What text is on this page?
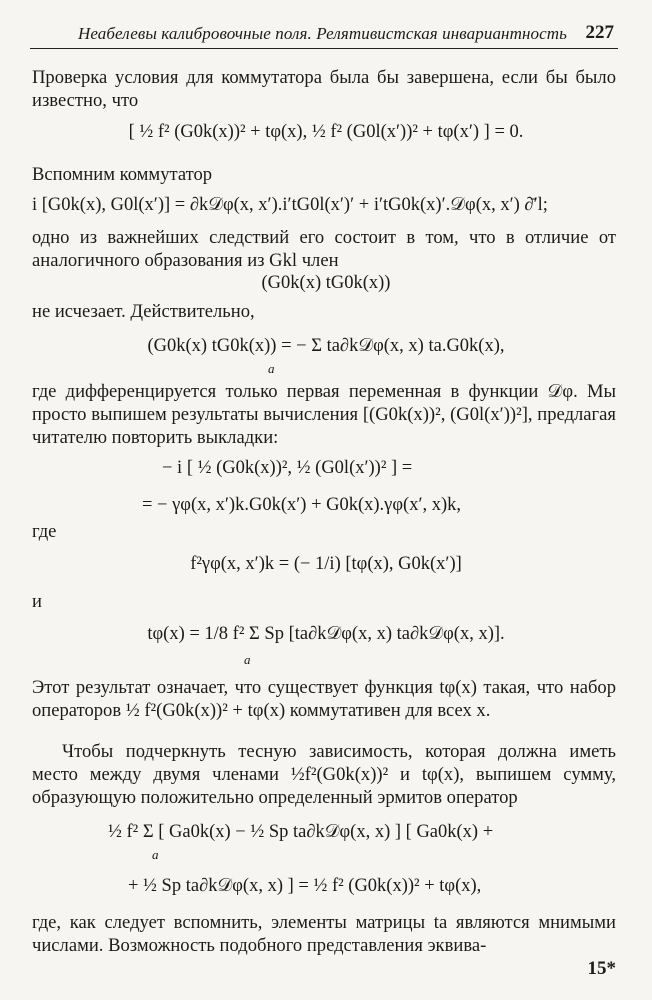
Неабелевы калибровочные поля. Релятивистская инвариантность 227
Проверка условия для коммутатора была бы завершена, если бы было известно, что
[ ½ f² (G0k(x))² + tφ(x), ½ f² (G0l(x′))² + tφ(x′) ] = 0.
Вспомним коммутатор
i [G0k(x), G0l(x′)] = ∂k𝒟φ(x, x′).i′tG0l(x′)′ + i′tG0k(x)′.𝒟φ(x, x′) ∂̄′l;
одно из важнейших следствий его состоит в том, что в отличие от аналогичного образования из Gkl член
(G0k(x) tG0k(x))
не исчезает. Действительно,
(G0k(x) tG0k(x)) = − Σ ta∂k𝒟φ(x, x) ta.G0k(x),
a
где дифференцируется только первая переменная в функции 𝒟φ. Мы просто выпишем результаты вычисления [(G0k(x))², (G0l(x′))²], предлагая читателю повторить выкладки:
− i [ ½ (G0k(x))², ½ (G0l(x′))² ] =
= − γφ(x, x′)k.G0k(x′) + G0k(x).γφ(x′, x)k,
где
f²γφ(x, x′)k = (− 1/i) [tφ(x), G0k(x′)]
и
tφ(x) = 1/8 f² Σ Sp [ta∂k𝒟φ(x, x) ta∂k𝒟φ(x, x)].
a
Этот результат означает, что существует функция tφ(x) такая, что набор операторов ½ f²(G0k(x))² + tφ(x) коммутативен для всех x.
Чтобы подчеркнуть тесную зависимость, которая должна иметь место между двумя членами ½f²(G0k(x))² и tφ(x), выпишем сумму, образующую положительно определенный эрмитов оператор
½ f² Σ [ Ga0k(x) − ½ Sp ta∂k𝒟φ(x, x) ] [ Ga0k(x) +
a
+ ½ Sp ta∂k𝒟φ(x, x) ] = ½ f² (G0k(x))² + tφ(x),
где, как следует вспомнить, элементы матрицы ta являются мнимыми числами. Возможность подобного представления эквива-
15*
